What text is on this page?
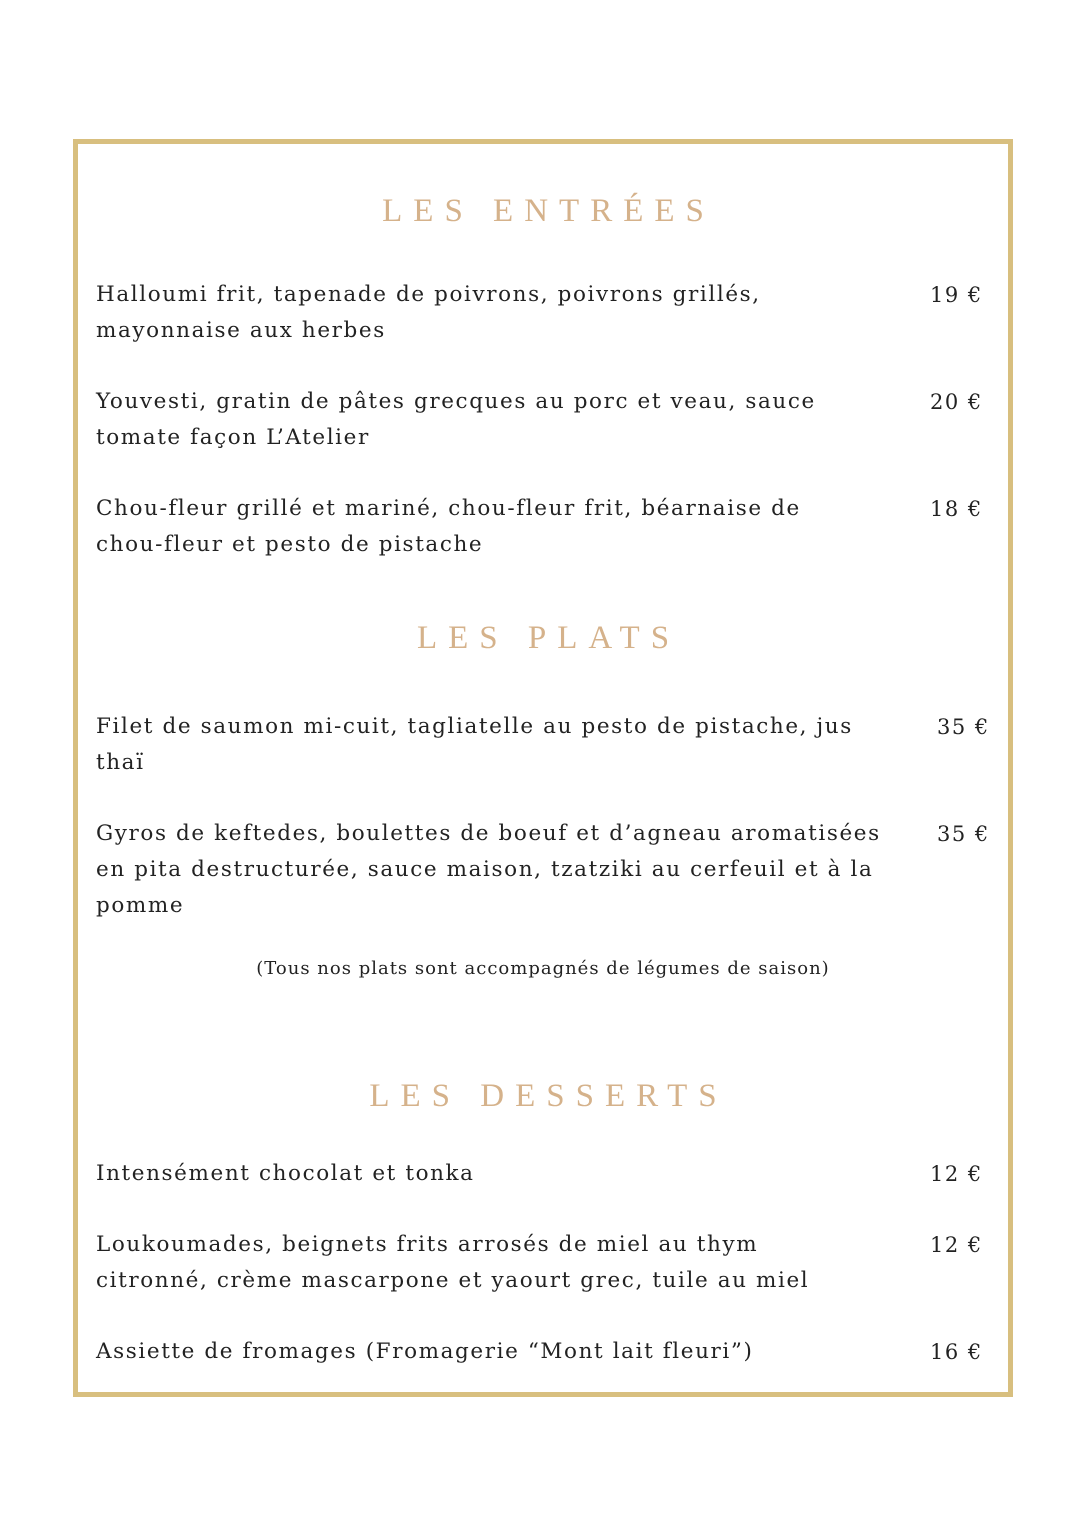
LES ENTRÉES

Halloumi frit, tapenade de poivrons, poivrons grillés,
mayonnaise aux herbes

19 €

Youvesti, gratin de pâtes grecques au porc et veau, sauce
tomate façon L’Atelier

20 €

Chou-fleur grillé et mariné, chou-fleur frit, béarnaise de
chou-fleur et pesto de pistache

18 €

LES PLATS

Filet de saumon mi-cuit, tagliatelle au pesto de pistache, jus
thaï

35 €

Gyros de keftedes, boulettes de boeuf et d’agneau aromatisées
en pita destructurée, sauce maison, tzatziki au cerfeuil et à la
pomme

35 €

(Tous nos plats sont accompagnés de légumes de saison)

LES DESSERTS

Intensément chocolat et tonka	12 €

Loukoumades, beignets frits arrosés de miel au thym
citronné, crème mascarpone et yaourt grec, tuile au miel

12 €

Assiette de fromages (Fromagerie “Mont lait fleuri”)	16 €
